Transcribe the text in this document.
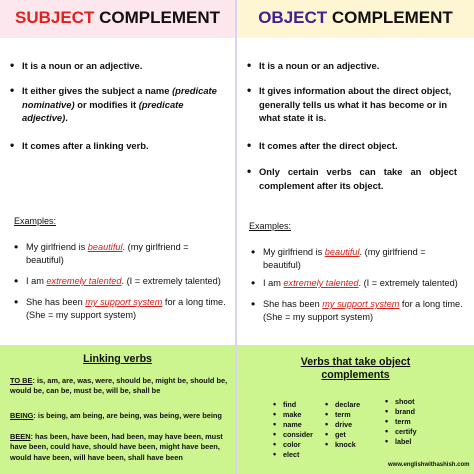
SUBJECT COMPLEMENT
• It is a noun or an adjective.
• It either gives the subject a name (predicate nominative) or modifies it (predicate adjective).
• It comes after a linking verb.
Examples:
• My girlfriend is beautiful. (my girlfriend = beautiful)
• I am extremely talented. (I = extremely talented)
• She has been my support system for a long time. (She = my support system)
OBJECT COMPLEMENT
• It is a noun or an adjective.
• It gives information about the direct object, generally tells us what it has become or in what state it is.
• It comes after the direct object.
• Only certain verbs can take an object complement after its object.
Examples:
• My girlfriend is beautiful. (my girlfriend = beautiful)
• I am extremely talented. (I = extremely talented)
• She has been my support system for a long time. (She = my support system)
Linking verbs
TO BE: is, am, are, was, were, should be, might be, should be, would be, can be, must be, will be, shall be
BEING: is being, am being, are being, was being, were being
BEEN: has been, have been, had been, may have been, must have been, could have, should have been, might have been, would have been, will have been, shall have been
Verbs that take object
complements
• find
• make
• name
• consider
• color
• elect
• declare
• term
• drive
• get
• knock
• shoot
• brand
• term
• certify
• label
www.englishwithashish.com
